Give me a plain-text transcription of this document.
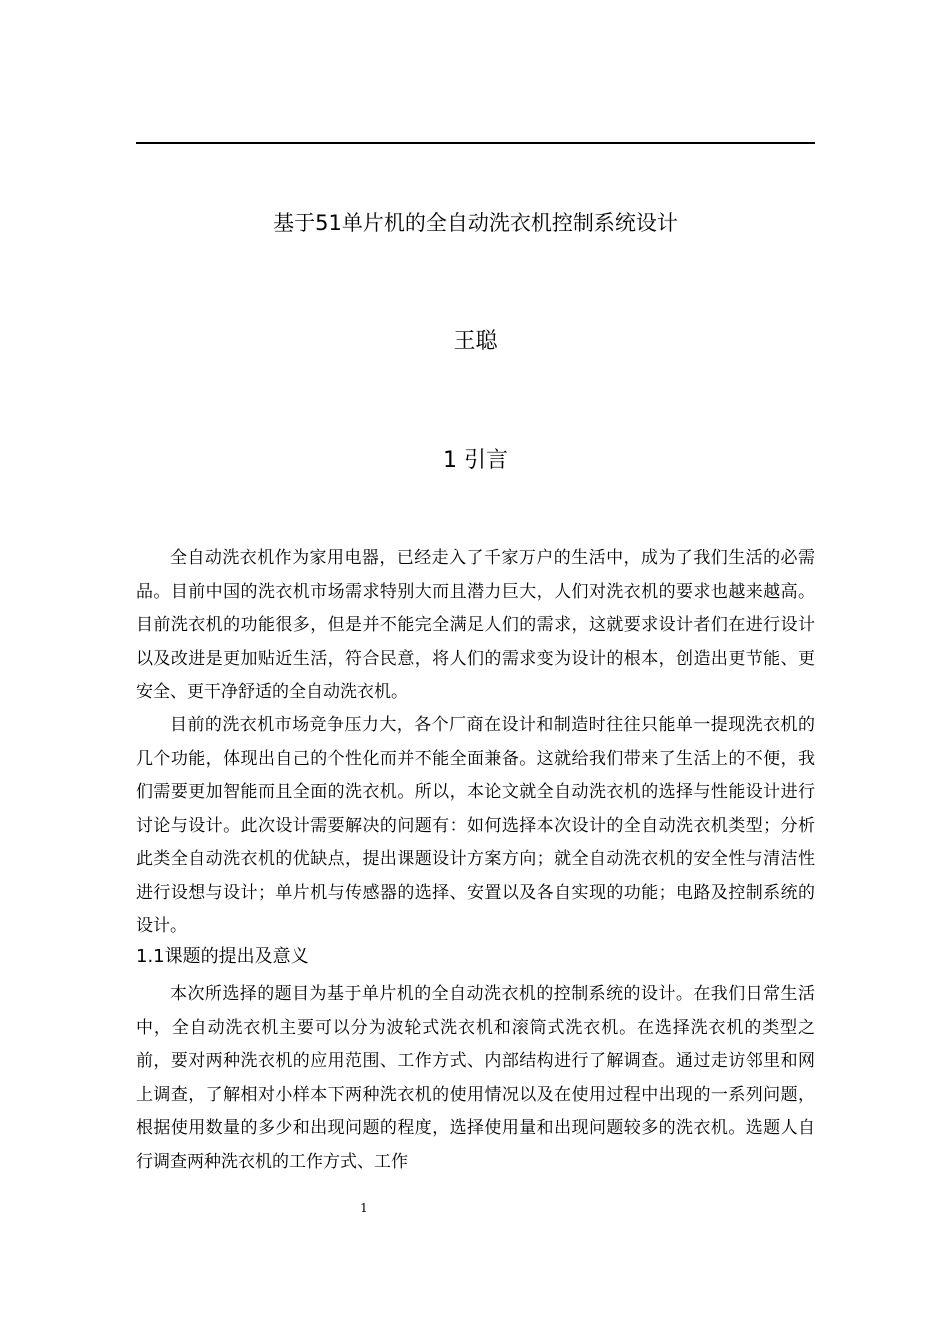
基于51单片机的全自动洗衣机控制系统设计
王聪
1 引言

全自动洗衣机作为家用电器，已经走入了千家万户的生活中，成为了我们生活的必需品。目前中国的洗衣机市场需求特别大而且潜力巨大，人们对洗衣机的要求也越来越高。目前洗衣机的功能很多，但是并不能完全满足人们的需求，这就要求设计者们在进行设计以及改进是更加贴近生活，符合民意，将人们的需求变为设计的根本，创造出更节能、更安全、更干净舒适的全自动洗衣机。

目前的洗衣机市场竞争压力大，各个厂商在设计和制造时往往只能单一提现洗衣机的几个功能，体现出自己的个性化而并不能全面兼备。这就给我们带来了生活上的不便，我们需要更加智能而且全面的洗衣机。所以，本论文就全自动洗衣机的选择与性能设计进行讨论与设计。此次设计需要解决的问题有：如何选择本次设计的全自动洗衣机类型；分析此类全自动洗衣机的优缺点，提出课题设计方案方向；就全自动洗衣机的安全性与清洁性进行设想与设计；单片机与传感器的选择、安置以及各自实现的功能；电路及控制系统的设计。

1.1课题的提出及意义

本次所选择的题目为基于单片机的全自动洗衣机的控制系统的设计。在我们日常生活中，全自动洗衣机主要可以分为波轮式洗衣机和滚筒式洗衣机。在选择洗衣机的类型之前，要对两种洗衣机的应用范围、工作方式、内部结构进行了解调查。通过走访邻里和网上调查，了解相对小样本下两种洗衣机的使用情况以及在使用过程中出现的一系列问题，根据使用数量的多少和出现问题的程度，选择使用量和出现问题较多的洗衣机。选题人自行调查两种洗衣机的工作方式、工作

1
